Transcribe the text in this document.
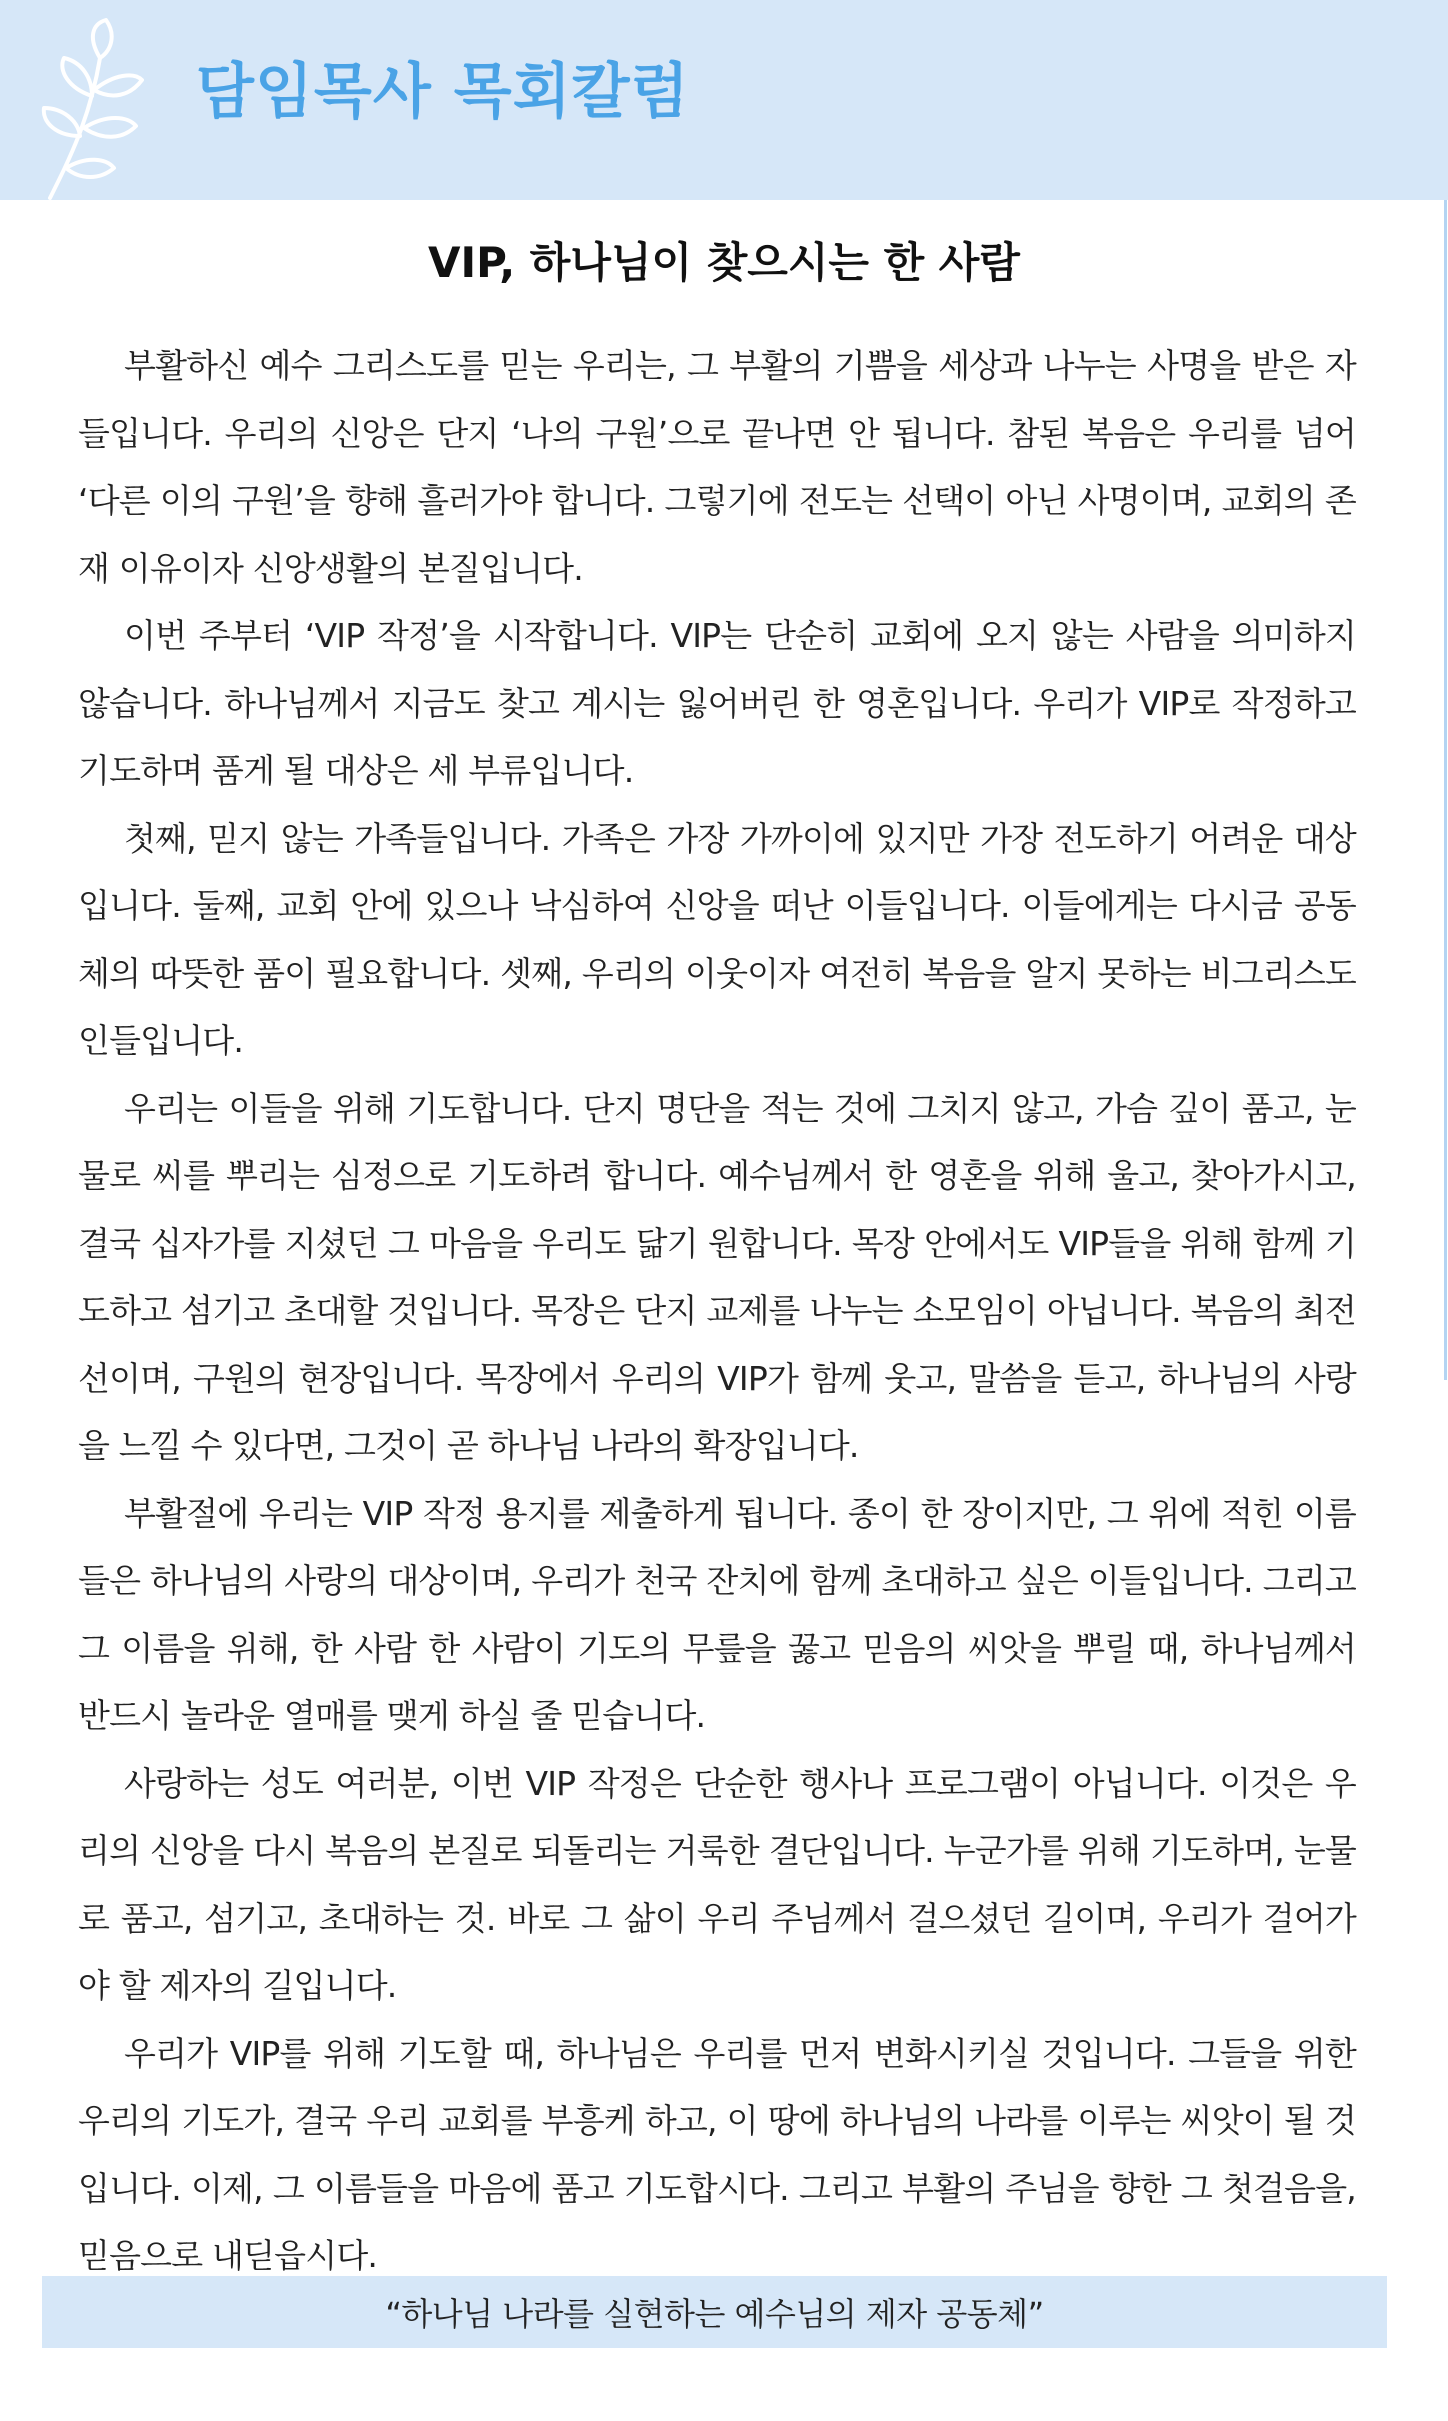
담임목사 목회칼럼
VIP, 하나님이 찾으시는 한 사람

부활하신 예수 그리스도를 믿는 우리는, 그 부활의 기쁨을 세상과 나누는 사명을 받은 자들입니다. 우리의 신앙은 단지 ‘나의 구원’으로 끝나면 안 됩니다. 참된 복음은 우리를 넘어 ‘다른 이의 구원’을 향해 흘러가야 합니다. 그렇기에 전도는 선택이 아닌 사명이며, 교회의 존재 이유이자 신앙생활의 본질입니다.

이번 주부터 ‘VIP 작정’을 시작합니다. VIP는 단순히 교회에 오지 않는 사람을 의미하지 않습니다. 하나님께서 지금도 찾고 계시는 잃어버린 한 영혼입니다. 우리가 VIP로 작정하고 기도하며 품게 될 대상은 세 부류입니다.

첫째, 믿지 않는 가족들입니다. 가족은 가장 가까이에 있지만 가장 전도하기 어려운 대상입니다. 둘째, 교회 안에 있으나 낙심하여 신앙을 떠난 이들입니다. 이들에게는 다시금 공동체의 따뜻한 품이 필요합니다. 셋째, 우리의 이웃이자 여전히 복음을 알지 못하는 비그리스도인들입니다.

우리는 이들을 위해 기도합니다. 단지 명단을 적는 것에 그치지 않고, 가슴 깊이 품고, 눈물로 씨를 뿌리는 심정으로 기도하려 합니다. 예수님께서 한 영혼을 위해 울고, 찾아가시고, 결국 십자가를 지셨던 그 마음을 우리도 닮기 원합니다. 목장 안에서도 VIP들을 위해 함께 기도하고 섬기고 초대할 것입니다. 목장은 단지 교제를 나누는 소모임이 아닙니다. 복음의 최전선이며, 구원의 현장입니다. 목장에서 우리의 VIP가 함께 웃고, 말씀을 듣고, 하나님의 사랑을 느낄 수 있다면, 그것이 곧 하나님 나라의 확장입니다.

부활절에 우리는 VIP 작정 용지를 제출하게 됩니다. 종이 한 장이지만, 그 위에 적힌 이름들은 하나님의 사랑의 대상이며, 우리가 천국 잔치에 함께 초대하고 싶은 이들입니다. 그리고 그 이름을 위해, 한 사람 한 사람이 기도의 무릎을 꿇고 믿음의 씨앗을 뿌릴 때, 하나님께서 반드시 놀라운 열매를 맺게 하실 줄 믿습니다.

사랑하는 성도 여러분, 이번 VIP 작정은 단순한 행사나 프로그램이 아닙니다. 이것은 우리의 신앙을 다시 복음의 본질로 되돌리는 거룩한 결단입니다. 누군가를 위해 기도하며, 눈물로 품고, 섬기고, 초대하는 것. 바로 그 삶이 우리 주님께서 걸으셨던 길이며, 우리가 걸어가야 할 제자의 길입니다.

우리가 VIP를 위해 기도할 때, 하나님은 우리를 먼저 변화시키실 것입니다. 그들을 위한 우리의 기도가, 결국 우리 교회를 부흥케 하고, 이 땅에 하나님의 나라를 이루는 씨앗이 될 것입니다. 이제, 그 이름들을 마음에 품고 기도합시다. 그리고 부활의 주님을 향한 그 첫걸음을, 믿음으로 내딛읍시다.

“하나님 나라를 실현하는 예수님의 제자 공동체”
